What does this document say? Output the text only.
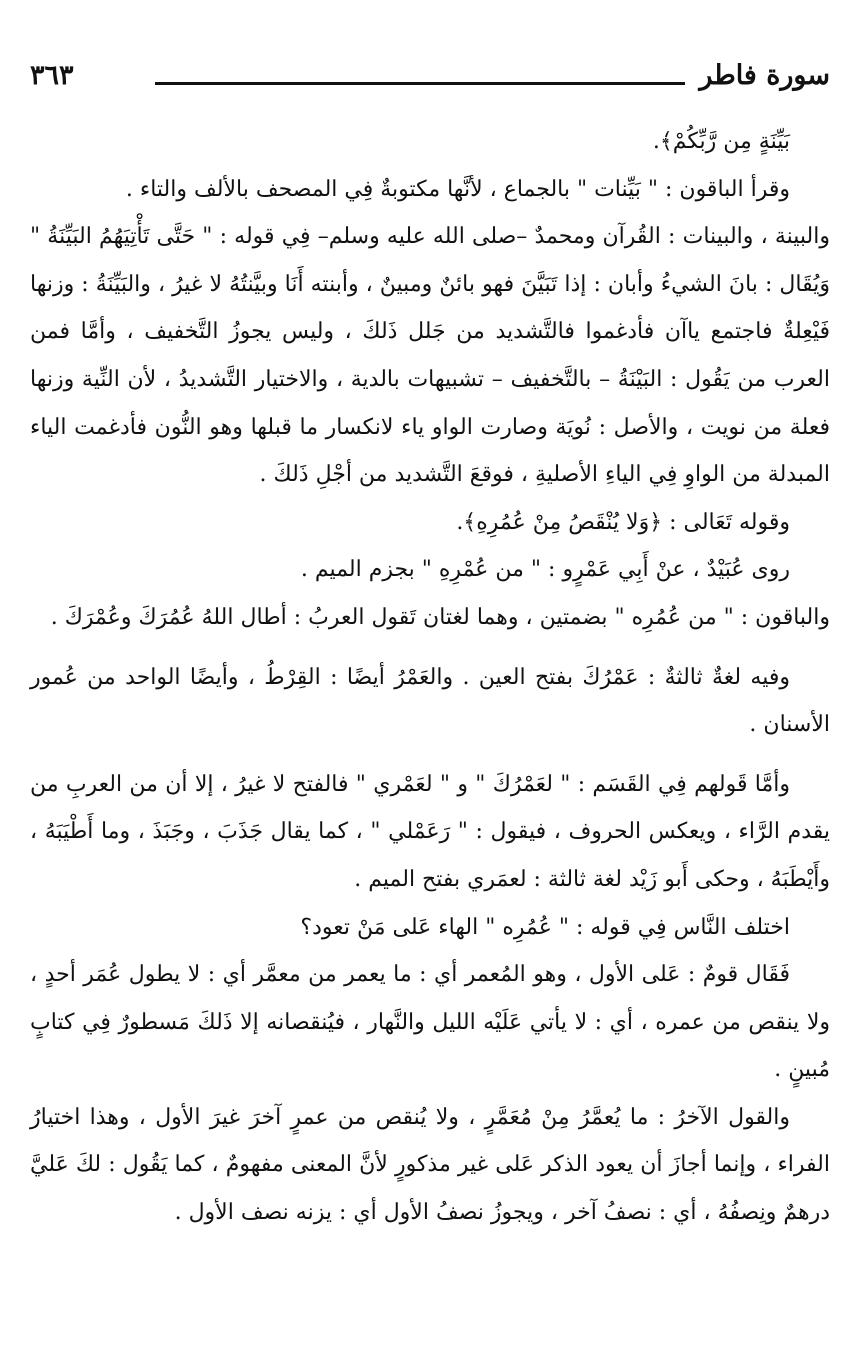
سورة فاطر
٣٦٣

بَيِّنَةٍ مِن رَّبِّكُمْ﴾.

وقرأ الباقون : " بَيِّنات " بالجماع ، لأنَّها مكتوبةٌ فِي المصحف بالألف والتاء .

والبينة ، والبينات : القُرآن ومحمدٌ –صلى الله عليه وسلم– فِي قوله : " حَتَّى تَأْتِيَهُمُ البَيِّنَةُ " وَيُقَال : بانَ الشيءُ وأبان : إذا تَبَيَّنَ فهو بائنٌ ومبينٌ ، وأبنته أَنَا وبيَّنتُهُ لا غيرُ ، والبَيِّنَةُ : وزنها فَيْعِلةٌ فاجتمع ياآن فأدغموا فالتَّشديد من جَلل ذَلكَ ، وليس يجوزُ التَّخفيف ، وأمَّا فمن العرب من يَقُول : البَيْنَةُ – بالتَّخفيف – تشبيهات بالدية ، والاختيار التَّشديدُ ، لأن النِّية وزنها فعلة من نويت ، والأصل : نُويَة وصارت الواو ياء لانكسار ما قبلها وهو النُّون فأدغمت الياء المبدلة من الواوِ فِي الياءِ الأصليةِ ، فوقعَ التَّشديد من أجْلِ ذَلكَ .

وقوله تَعَالى : ﴿وَلا يُنْقَصُ مِنْ عُمُرِهِ﴾.

روى عُبَيْدٌ ، عنْ أَبِي عَمْرٍو : " من عُمْرِهِ " بجزم الميم .

والباقون : " من عُمُرِه " بضمتين ، وهما لغتان تَقول العربُ : أطال اللهُ عُمُرَكَ وعُمْرَكَ .

وفيه لغةٌ ثالثةٌ : عَمْرُكَ بفتح العين . والعَمْرُ أيضًا : القِرْطُ ، وأيضًا الواحد من عُمور الأسنان .

وأمَّا قَولهم فِي القَسَم : " لعَمْرُكَ " و " لعَمْري " فالفتح لا غيرُ ، إلا أن من العربِ من يقدم الرَّاء ، ويعكس الحروف ، فيقول : " رَعَمْلي " ، كما يقال جَذَبَ ، وجَبَذَ ، وما أَطْيَبَهُ ، وأَيْطَبَهُ ، وحكى أَبو زَيْد لغة ثالثة : لعمَري بفتح الميم .

اختلف النَّاس فِي قوله : " عُمُرِه " الهاء عَلى مَنْ تعود؟

فَقَال قومٌ : عَلى الأول ، وهو المُعمر أي : ما يعمر من معمَّر أي : لا يطول عُمَر أحدٍ ، ولا ينقص من عمره ، أي : لا يأتي عَلَيْه الليل والنَّهار ، فيُنقصانه إلا ذَلكَ مَسطورٌ فِي كتابٍ مُبينٍ .

والقول الآخرُ : ما يُعمَّرُ مِنْ مُعَمَّرٍ ، ولا يُنقص من عمرٍ آخرَ غيرَ الأول ، وهذا اختيارُ الفراء ، وإنما أجازَ أن يعود الذكر عَلى غير مذكورٍ لأنَّ المعنى مفهومٌ ، كما يَقُول : لكَ عَليَّ درهمٌ ونِصفُهُ ، أي : نصفُ آخر ، ويجوزُ نصفُ الأول أي : يزنه نصف الأول .
